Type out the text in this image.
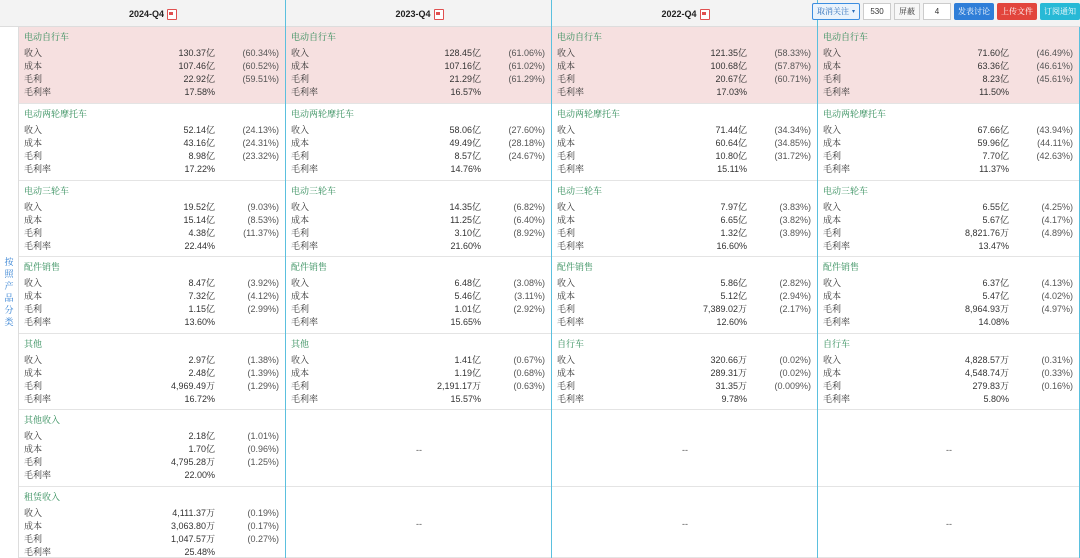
2024-Q4	2023-Q4	2022-Q4	取消关注 ▾	530	屏蔽	4	发表讨论	上传文件	订阅通知
按照产品分类
电动自行车
收入	130.37亿	(60.34%)
成本	107.46亿	(60.52%)
毛利	22.92亿	(59.51%)
毛利率	17.58%
电动两轮摩托车
收入	52.14亿	(24.13%)
成本	43.16亿	(24.31%)
毛利	8.98亿	(23.32%)
毛利率	17.22%
电动三轮车
收入	19.52亿	(9.03%)
成本	15.14亿	(8.53%)
毛利	4.38亿	(11.37%)
毛利率	22.44%
配件销售
收入	8.47亿	(3.92%)
成本	7.32亿	(4.12%)
毛利	1.15亿	(2.99%)
毛利率	13.60%
其他
收入	2.97亿	(1.38%)
成本	2.48亿	(1.39%)
毛利	4,969.49万	(1.29%)
毛利率	16.72%
其他收入
收入	2.18亿	(1.01%)
成本	1.70亿	(0.96%)
毛利	4,795.28万	(1.25%)
毛利率	22.00%
租赁收入
收入	4,111.37万	(0.19%)
成本	3,063.80万	(0.17%)
毛利	1,047.57万	(0.27%)
毛利率	25.48%
电动自行车
收入	128.45亿	(61.06%)
成本	107.16亿	(61.02%)
毛利	21.29亿	(61.29%)
毛利率	16.57%
电动两轮摩托车
收入	58.06亿	(27.60%)
成本	49.49亿	(28.18%)
毛利	8.57亿	(24.67%)
毛利率	14.76%
电动三轮车
收入	14.35亿	(6.82%)
成本	11.25亿	(6.40%)
毛利	3.10亿	(8.92%)
毛利率	21.60%
配件销售
收入	6.48亿	(3.08%)
成本	5.46亿	(3.11%)
毛利	1.01亿	(2.92%)
毛利率	15.65%
其他
收入	1.41亿	(0.67%)
成本	1.19亿	(0.68%)
毛利	2,191.17万	(0.63%)
毛利率	15.57%
--
--
电动自行车
收入	121.35亿	(58.33%)
成本	100.68亿	(57.87%)
毛利	20.67亿	(60.71%)
毛利率	17.03%
电动两轮摩托车
收入	71.44亿	(34.34%)
成本	60.64亿	(34.85%)
毛利	10.80亿	(31.72%)
毛利率	15.11%
电动三轮车
收入	7.97亿	(3.83%)
成本	6.65亿	(3.82%)
毛利	1.32亿	(3.89%)
毛利率	16.60%
配件销售
收入	5.86亿	(2.82%)
成本	5.12亿	(2.94%)
毛利	7,389.02万	(2.17%)
毛利率	12.60%
自行车
收入	320.66万	(0.02%)
成本	289.31万	(0.02%)
毛利	31.35万	(0.009%)
毛利率	9.78%
--
--
电动自行车
收入	71.60亿	(46.49%)
成本	63.36亿	(46.61%)
毛利	8.23亿	(45.61%)
毛利率	11.50%
电动两轮摩托车
收入	67.66亿	(43.94%)
成本	59.96亿	(44.11%)
毛利	7.70亿	(42.63%)
毛利率	11.37%
电动三轮车
收入	6.55亿	(4.25%)
成本	5.67亿	(4.17%)
毛利	8,821.76万	(4.89%)
毛利率	13.47%
配件销售
收入	6.37亿	(4.13%)
成本	5.47亿	(4.02%)
毛利	8,964.93万	(4.97%)
毛利率	14.08%
自行车
收入	4,828.57万	(0.31%)
成本	4,548.74万	(0.33%)
毛利	279.83万	(0.16%)
毛利率	5.80%
--
--
